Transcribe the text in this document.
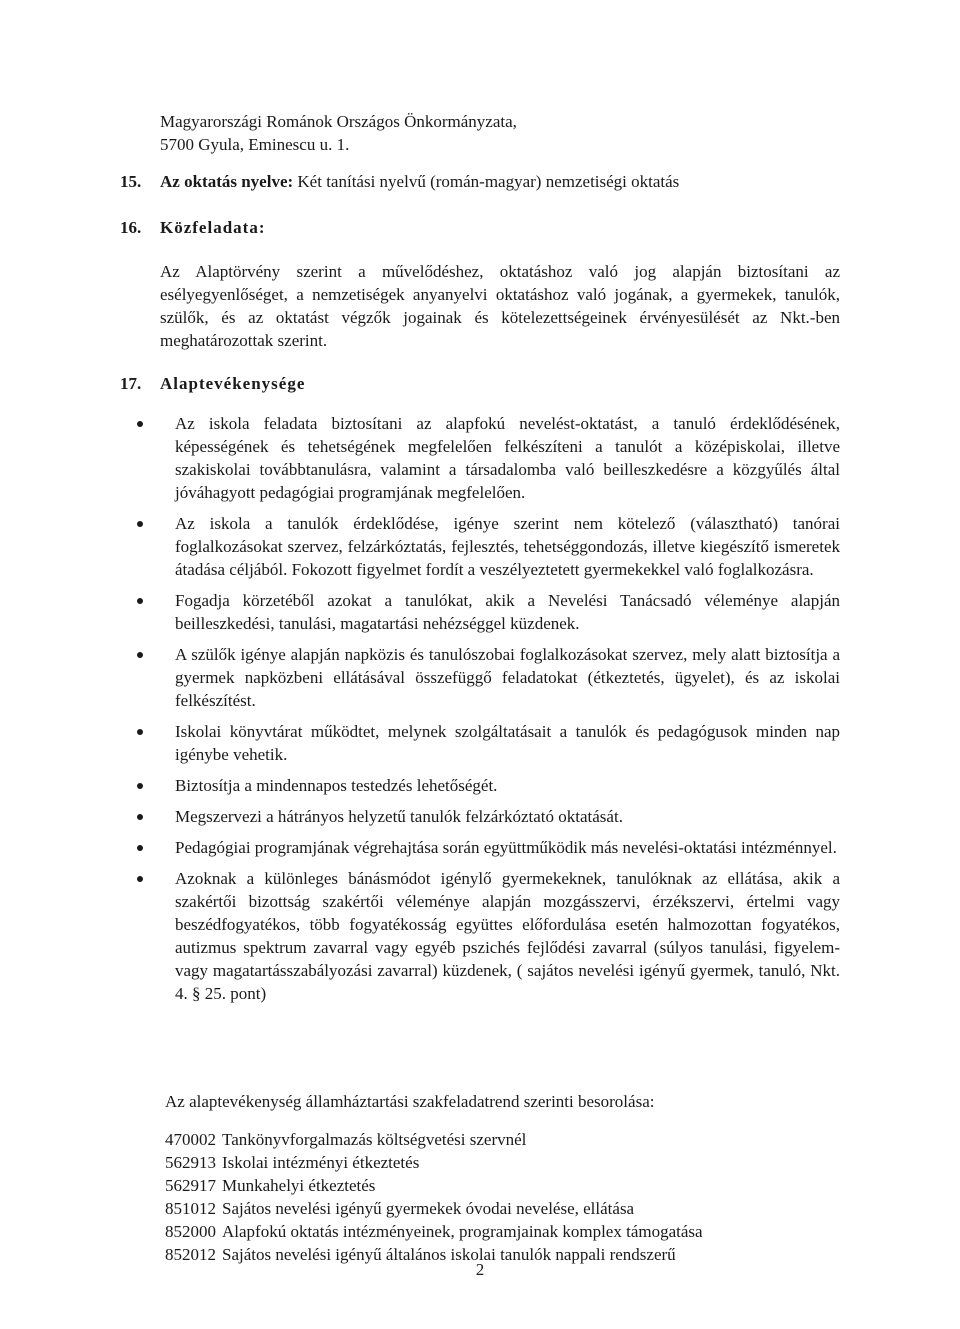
Magyarországi Románok Országos Önkormányzata,
5700 Gyula, Eminescu u. 1.
15. Az oktatás nyelve: Két tanítási nyelvű (román-magyar) nemzetiségi oktatás
16. Közfeladata:
Az Alaptörvény szerint a művelődéshez, oktatáshoz való jog alapján biztosítani az esélyegyenlőséget, a nemzetiségek anyanyelvi oktatáshoz való jogának, a gyermekek, tanulók, szülők, és az oktatást végzők jogainak és kötelezettségeinek érvényesülését az Nkt.-ben meghatározottak szerint.
17. Alaptevékenysége
Az iskola feladata biztosítani az alapfokú nevelést-oktatást, a tanuló érdeklődésének, képességének és tehetségének megfelelően felkészíteni a tanulót a középiskolai, illetve szakiskolai továbbtanulásra, valamint a társadalomba való beilleszkedésre a közgyűlés által jóváhagyott pedagógiai programjának megfelelően.
Az iskola a tanulók érdeklődése, igénye szerint nem kötelező (választható) tanórai foglalkozásokat szervez, felzárkóztatás, fejlesztés, tehetséggondozás, illetve kiegészítő ismeretek átadása céljából. Fokozott figyelmet fordít a veszélyeztetett gyermekekkel való foglalkozásra.
Fogadja körzetéből azokat a tanulókat, akik a Nevelési Tanácsadó véleménye alapján beilleszkedési, tanulási, magatartási nehézséggel küzdenek.
A szülők igénye alapján napközis és tanulószobai foglalkozásokat szervez, mely alatt biztosítja a gyermek napközbeni ellátásával összefüggő feladatokat (étkeztetés, ügyelet), és az iskolai felkészítést.
Iskolai könyvtárat működtet, melynek szolgáltatásait a tanulók és pedagógusok minden nap igénybe vehetik.
Biztosítja a mindennapos testedzés lehetőségét.
Megszervezi a hátrányos helyzetű tanulók felzárkóztató oktatását.
Pedagógiai programjának végrehajtása során együttműködik más nevelési-oktatási intézménnyel.
Azoknak a különleges bánásmódot igénylő gyermekeknek, tanulóknak az ellátása, akik a szakértői bizottság szakértői véleménye alapján mozgásszervi, érzékszervi, értelmi vagy beszédfogyatékos, több fogyatékosság együttes előfordulása esetén halmozottan fogyatékos, autizmus spektrum zavarral vagy egyéb pszichés fejlődési zavarral (súlyos tanulási, figyelem- vagy magatartásszabályozási zavarral) küzdenek, ( sajátos nevelési igényű gyermek, tanuló, Nkt. 4. § 25. pont)
Az alaptevékenység államháztartási szakfeladatrend szerinti besorolása:
470002 Tankönyvforgalmazás költségvetési szervnél
562913 Iskolai intézményi étkeztetés
562917 Munkahelyi étkeztetés
851012 Sajátos nevelési igényű gyermekek óvodai nevelése, ellátása
852000 Alapfokú oktatás intézményeinek, programjainak komplex támogatása
852012 Sajátos nevelési igényű általános iskolai tanulók nappali rendszerű
2
